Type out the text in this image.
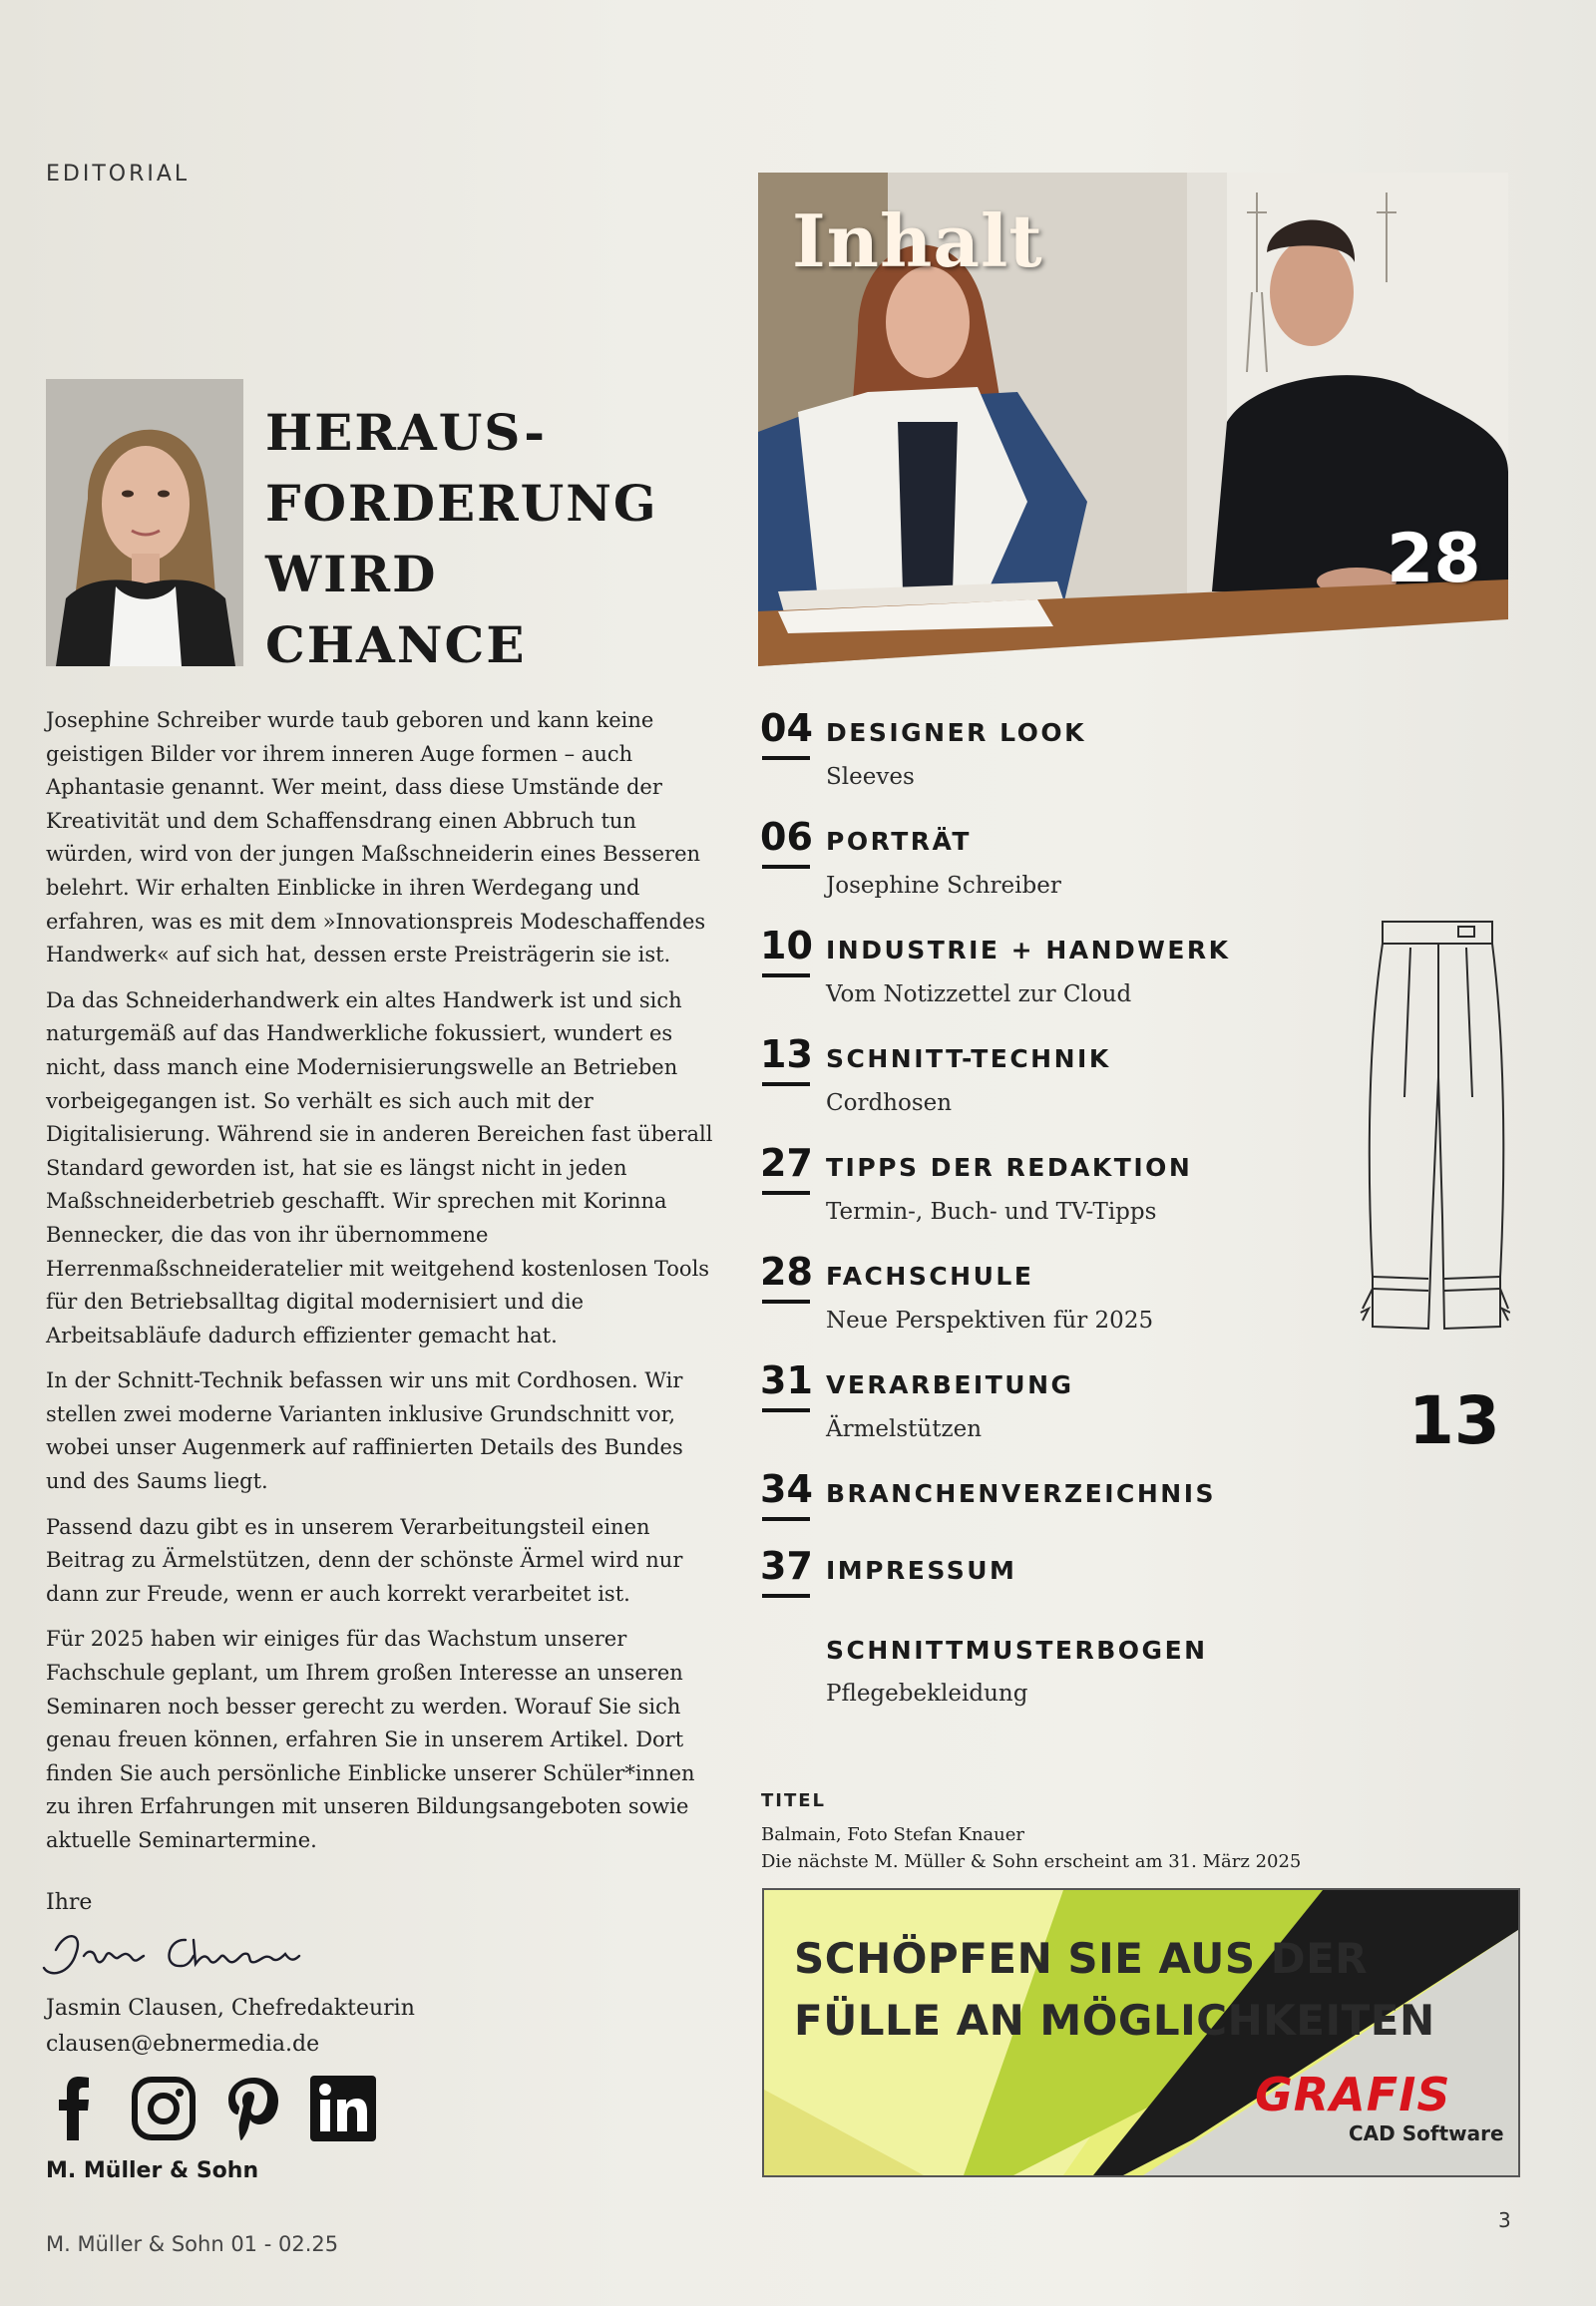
EDITORIAL
HERAUS-
FORDERUNG
WIRD
CHANCE

Josephine Schreiber wurde taub geboren und kann keine geistigen Bilder vor ihrem inneren Auge formen – auch Aphantasie genannt. Wer meint, dass diese Umstände der Kreativität und dem Schaffensdrang einen Abbruch tun würden, wird von der jungen Maßschneiderin eines Besseren belehrt. Wir erhalten Einblicke in ihren Werdegang und erfahren, was es mit dem »Innovationspreis Modeschaffendes Handwerk« auf sich hat, dessen erste Preisträgerin sie ist.

Da das Schneiderhandwerk ein altes Handwerk ist und sich naturgemäß auf das Handwerkliche fokussiert, wundert es nicht, dass manch eine Modernisierungswelle an Betrieben vorbeigegangen ist. So verhält es sich auch mit der Digitalisierung. Während sie in anderen Bereichen fast überall Standard geworden ist, hat sie es längst nicht in jeden Maßschneiderbetrieb geschafft. Wir sprechen mit Korinna Bennecker, die das von ihr übernommene Herrenmaßschneideratelier mit weitgehend kostenlosen Tools für den Betriebsalltag digital modernisiert und die Arbeitsabläufe dadurch effizienter gemacht hat.

In der Schnitt-Technik befassen wir uns mit Cordhosen. Wir stellen zwei moderne Varianten inklusive Grundschnitt vor, wobei unser Augenmerk auf raffinierten Details des Bundes und des Saums liegt.

Passend dazu gibt es in unserem Verarbeitungsteil einen Beitrag zu Ärmelstützen, denn der schönste Ärmel wird nur dann zur Freude, wenn er auch korrekt verarbeitet ist.

Für 2025 haben wir einiges für das Wachstum unserer Fachschule geplant, um Ihrem großen Interesse an unseren Seminaren noch besser gerecht zu werden. Worauf Sie sich genau freuen können, erfahren Sie in unserem Artikel. Dort finden Sie auch persönliche Einblicke unserer Schüler*innen zu ihren Erfahrungen mit unseren Bildungsangeboten sowie aktuelle Seminartermine.

Ihre
Jasmin Clausen, Chefredakteurin
clausen@ebnermedia.de
M. Müller & Sohn
M. Müller & Sohn 01 - 02.25
3
Inhalt
28
04 DESIGNER LOOK
Sleeves
06 PORTRÄT
Josephine Schreiber
10 INDUSTRIE + HANDWERK
Vom Notizzettel zur Cloud
13 SCHNITT-TECHNIK
Cordhosen
27 TIPPS DER REDAKTION
Termin-, Buch- und TV-Tipps
28 FACHSCHULE
Neue Perspektiven für 2025
31 VERARBEITUNG
Ärmelstützen
34 BRANCHENVERZEICHNIS
37 IMPRESSUM
SCHNITTMUSTERBOGEN
Pflegebekleidung
13
TITEL
Balmain, Foto Stefan Knauer
Die nächste M. Müller & Sohn erscheint am 31. März 2025
SCHÖPFEN SIE AUS DER
FÜLLE AN MÖGLICHKEITEN
GRAFIS
CAD Software
